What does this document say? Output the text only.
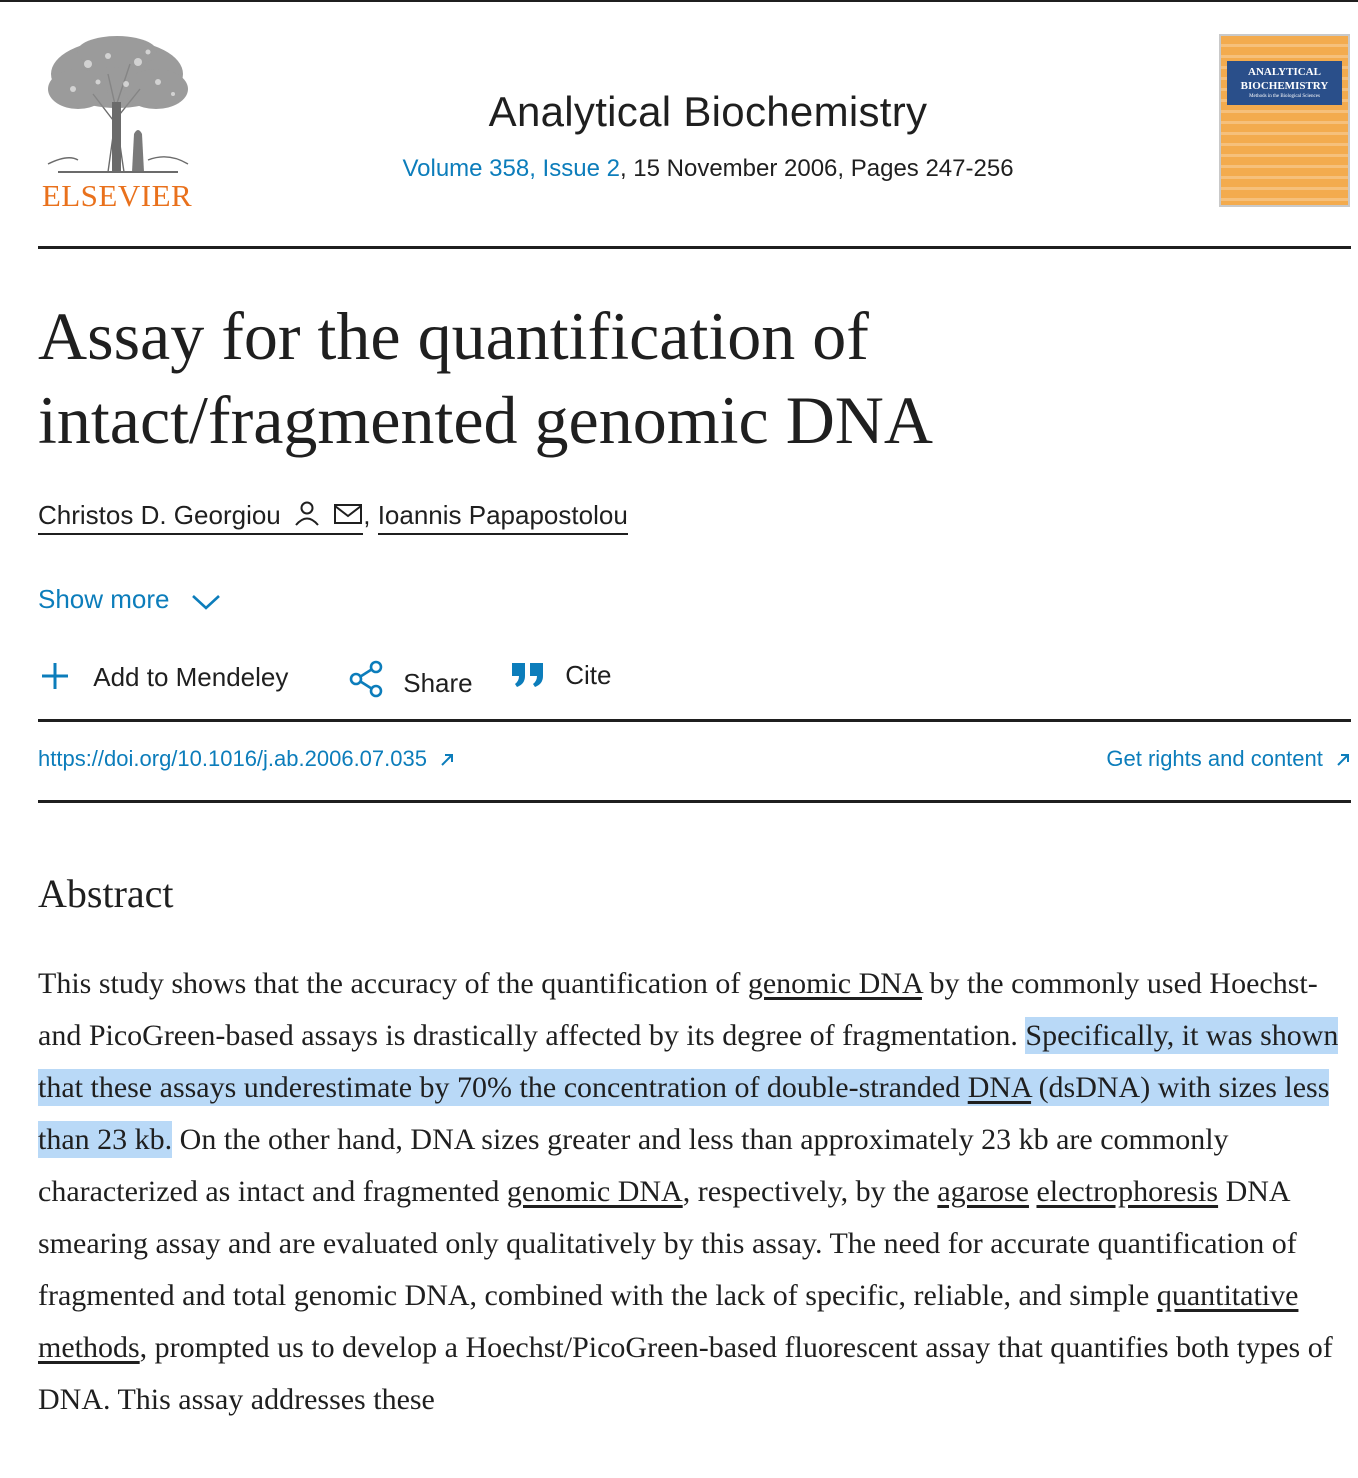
ELSEVIER
Analytical Biochemistry
Volume 358, Issue 2, 15 November 2006, Pages 247-256
ANALYTICAL BIOCHEMISTRY
Methods in the Biological Sciences
Assay for the quantification of intact/fragmented genomic DNA
Christos D. Georgiou	, Ioannis Papapostolou
Show more
Add to Mendeley	Share	Cite
https://doi.org/10.1016/j.ab.2006.07.035	Get rights and content
Abstract

This study shows that the accuracy of the quantification of genomic DNA by the commonly used Hoechst- and PicoGreen-based assays is drastically affected by its degree of fragmentation. Specifically, it was shown that these assays underestimate by 70% the concentration of double-stranded DNA (dsDNA) with sizes less than 23 kb. On the other hand, DNA sizes greater and less than approximately 23 kb are commonly characterized as intact and fragmented genomic DNA, respectively, by the agarose electrophoresis DNA smearing assay and are evaluated only qualitatively by this assay. The need for accurate quantification of fragmented and total genomic DNA, combined with the lack of specific, reliable, and simple quantitative methods, prompted us to develop a Hoechst/PicoGreen-based fluorescent assay that quantifies both types of DNA. This assay addresses these
